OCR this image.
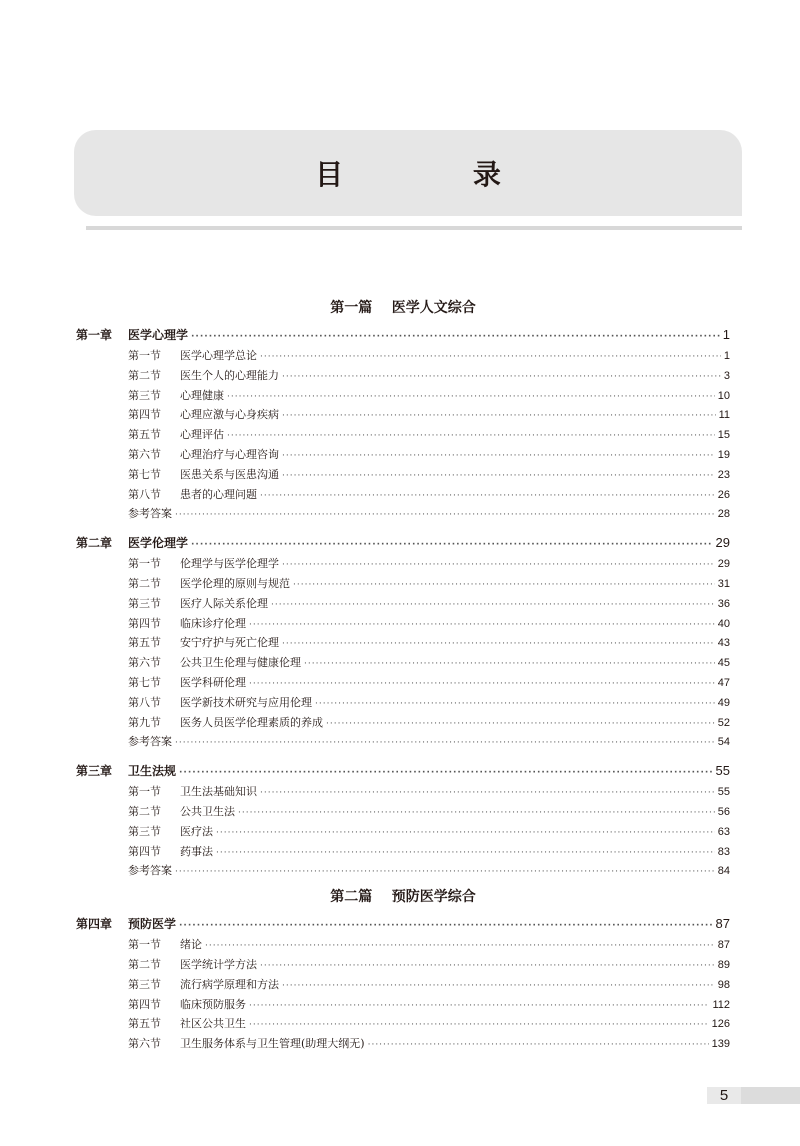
目 录
第一篇    医学人文综合
第一章	医学心理学 ·····	1
第一节	医学心理学总论 ·····	1
第二节	医生个人的心理能力 ·····	3
第三节	心理健康 ·····	10
第四节	心理应激与心身疾病 ·····	11
第五节	心理评估 ·····	15
第六节	心理治疗与心理咨询 ·····	19
第七节	医患关系与医患沟通 ·····	23
第八节	患者的心理问题 ·····	26
参考答案 ·····	28
第二章	医学伦理学 ·····	29
第一节	伦理学与医学伦理学 ·····	29
第二节	医学伦理的原则与规范 ·····	31
第三节	医疗人际关系伦理 ·····	36
第四节	临床诊疗伦理 ·····	40
第五节	安宁疗护与死亡伦理 ·····	43
第六节	公共卫生伦理与健康伦理 ·····	45
第七节	医学科研伦理 ·····	47
第八节	医学新技术研究与应用伦理 ·····	49
第九节	医务人员医学伦理素质的养成 ·····	52
参考答案 ·····	54
第三章	卫生法规 ·····	55
第一节	卫生法基础知识 ·····	55
第二节	公共卫生法 ·····	56
第三节	医疗法 ·····	63
第四节	药事法 ·····	83
参考答案 ·····	84
第二篇    预防医学综合
第四章	预防医学 ·····	87
第一节	绪论 ·····	87
第二节	医学统计学方法 ·····	89
第三节	流行病学原理和方法 ·····	98
第四节	临床预防服务 ·····	112
第五节	社区公共卫生 ·····	126
第六节	卫生服务体系与卫生管理(助理大纲无) ·····	139
5
